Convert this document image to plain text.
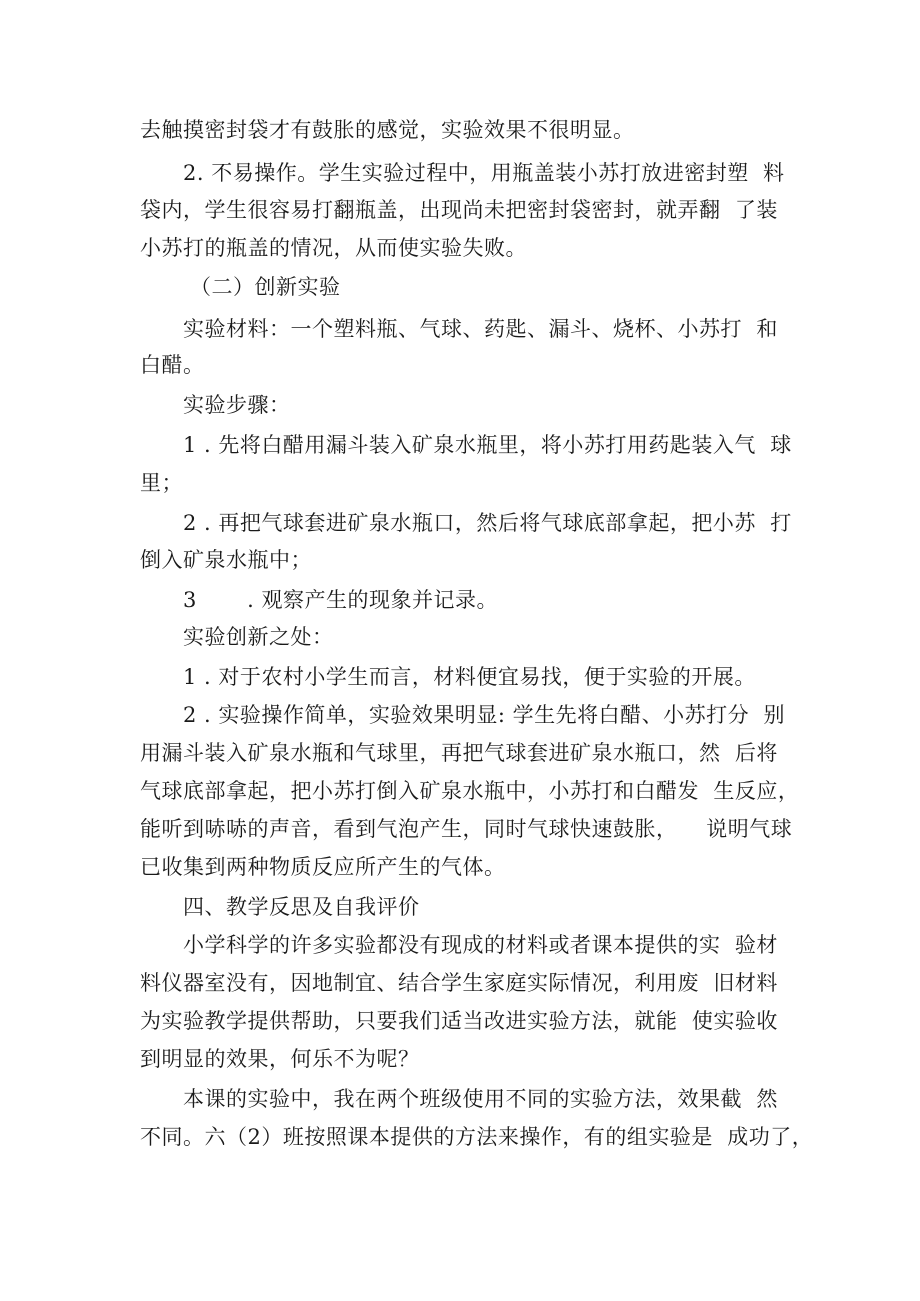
去触摸密封袋才有鼓胀的感觉，实验效果不很明显。
2. 不易操作。学生实验过程中，用瓶盖装小苏打放进密封塑  料
袋内，学生很容易打翻瓶盖，出现尚未把密封袋密封，就弄翻  了装
小苏打的瓶盖的情况，从而使实验失败。
（二）创新实验
实验材料：一个塑料瓶、气球、药匙、漏斗、烧杯、小苏打  和
白醋。
实验步骤：
1 . 先将白醋用漏斗装入矿泉水瓶里，将小苏打用药匙装入气  球
里；
2 . 再把气球套进矿泉水瓶口，然后将气球底部拿起，把小苏  打
倒入矿泉水瓶中；
3       . 观察产生的现象并记录。
实验创新之处：
1 . 对于农村小学生而言，材料便宜易找，便于实验的开展。
2 . 实验操作简单，实验效果明显: 学生先将白醋、小苏打分  别
用漏斗装入矿泉水瓶和气球里，再把气球套进矿泉水瓶口，然  后将
气球底部拿起，把小苏打倒入矿泉水瓶中，小苏打和白醋发  生反应，
能听到哧哧的声音，看到气泡产生，同时气球快速鼓胀，    说明气球
已收集到两种物质反应所产生的气体。
四、教学反思及自我评价
小学科学的许多实验都没有现成的材料或者课本提供的实  验材
料仪器室没有，因地制宜、结合学生家庭实际情况，利用废  旧材料
为实验教学提供帮助，只要我们适当改进实验方法，就能  使实验收
到明显的效果，何乐不为呢？
本课的实验中，我在两个班级使用不同的实验方法，效果截  然
不同。六（2）班按照课本提供的方法来操作，有的组实验是  成功了，
